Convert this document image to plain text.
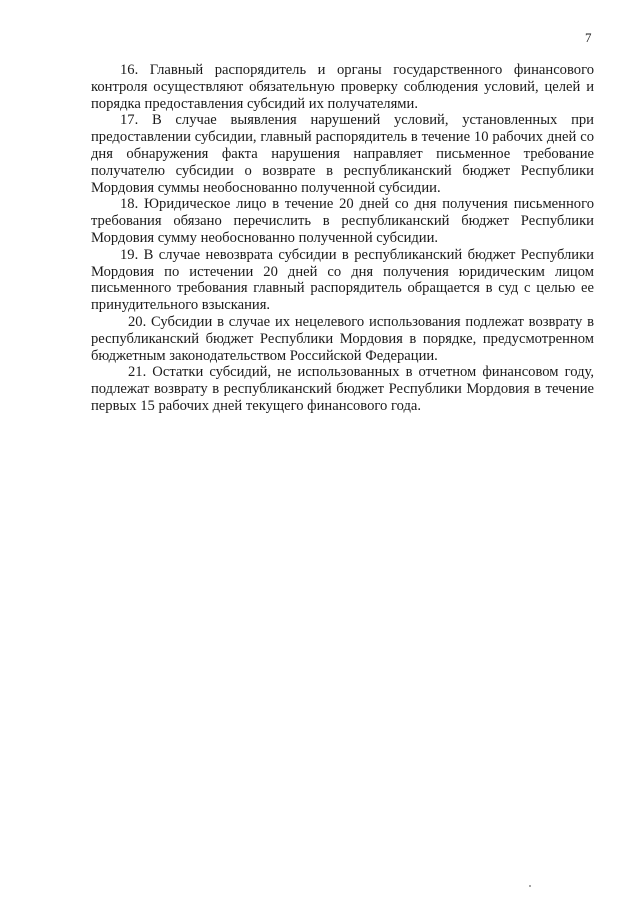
7

16. Главный распорядитель и органы государственного финансового контроля осуществляют обязательную проверку соблюдения условий, целей и порядка предоставления субсидий их получателями.

17. В случае выявления нарушений условий, установленных при предоставлении субсидии, главный распорядитель в течение 10 рабочих дней со дня обнаружения факта нарушения направляет письменное требование получателю субсидии о возврате в республиканский бюджет Республики Мордовия суммы необоснованно полученной субсидии.

18. Юридическое лицо в течение 20 дней со дня получения письменного требования обязано перечислить в республиканский бюджет Республики Мордовия сумму необоснованно полученной субсидии.

19. В случае невозврата субсидии в республиканский бюджет Республики Мордовия по истечении 20 дней со дня получения юридическим лицом письменного требования главный распорядитель обращается в суд с целью ее принудительного взыскания.

20. Субсидии в случае их нецелевого использования подлежат возврату в республиканский бюджет Республики Мордовия в порядке, предусмотренном бюджетным законодательством Российской Федерации.

21. Остатки субсидий, не использованных в отчетном финансовом году, подлежат возврату в республиканский бюджет Республики Мордовия в течение первых 15 рабочих дней текущего финансового года.
